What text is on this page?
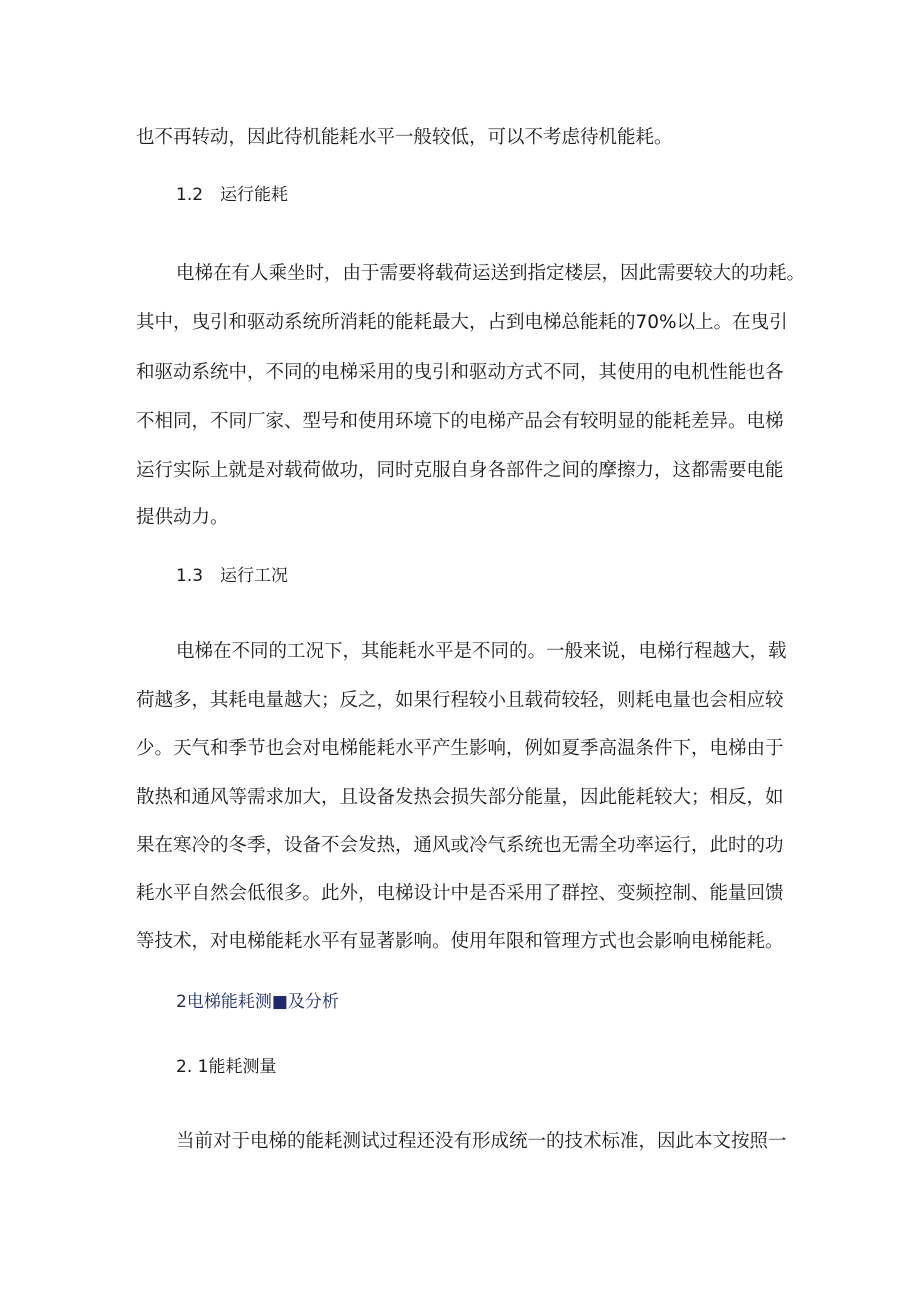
也不再转动，因此待机能耗水平一般较低，可以不考虑待机能耗。
1.2　运行能耗
电梯在有人乘坐时，由于需要将载荷运送到指定楼层，因此需要较大的功耗。
其中，曳引和驱动系统所消耗的能耗最大，占到电梯总能耗的70%以上。在曳引
和驱动系统中，不同的电梯采用的曳引和驱动方式不同，其使用的电机性能也各
不相同，不同厂家、型号和使用环境下的电梯产品会有较明显的能耗差异。电梯
运行实际上就是对载荷做功，同时克服自身各部件之间的摩擦力，这都需要电能
提供动力。
1.3　运行工况
电梯在不同的工况下，其能耗水平是不同的。一般来说，电梯行程越大，载
荷越多，其耗电量越大；反之，如果行程较小且载荷较轻，则耗电量也会相应较
少。天气和季节也会对电梯能耗水平产生影响，例如夏季高温条件下，电梯由于
散热和通风等需求加大，且设备发热会损失部分能量，因此能耗较大；相反，如
果在寒冷的冬季，设备不会发热，通风或冷气系统也无需全功率运行，此时的功
耗水平自然会低很多。此外，电梯设计中是否采用了群控、变频控制、能量回馈
等技术，对电梯能耗水平有显著影响。使用年限和管理方式也会影响电梯能耗。
2电梯能耗测■及分析
2. 1能耗测量
当前对于电梯的能耗测试过程还没有形成统一的技术标准，因此本文按照一
